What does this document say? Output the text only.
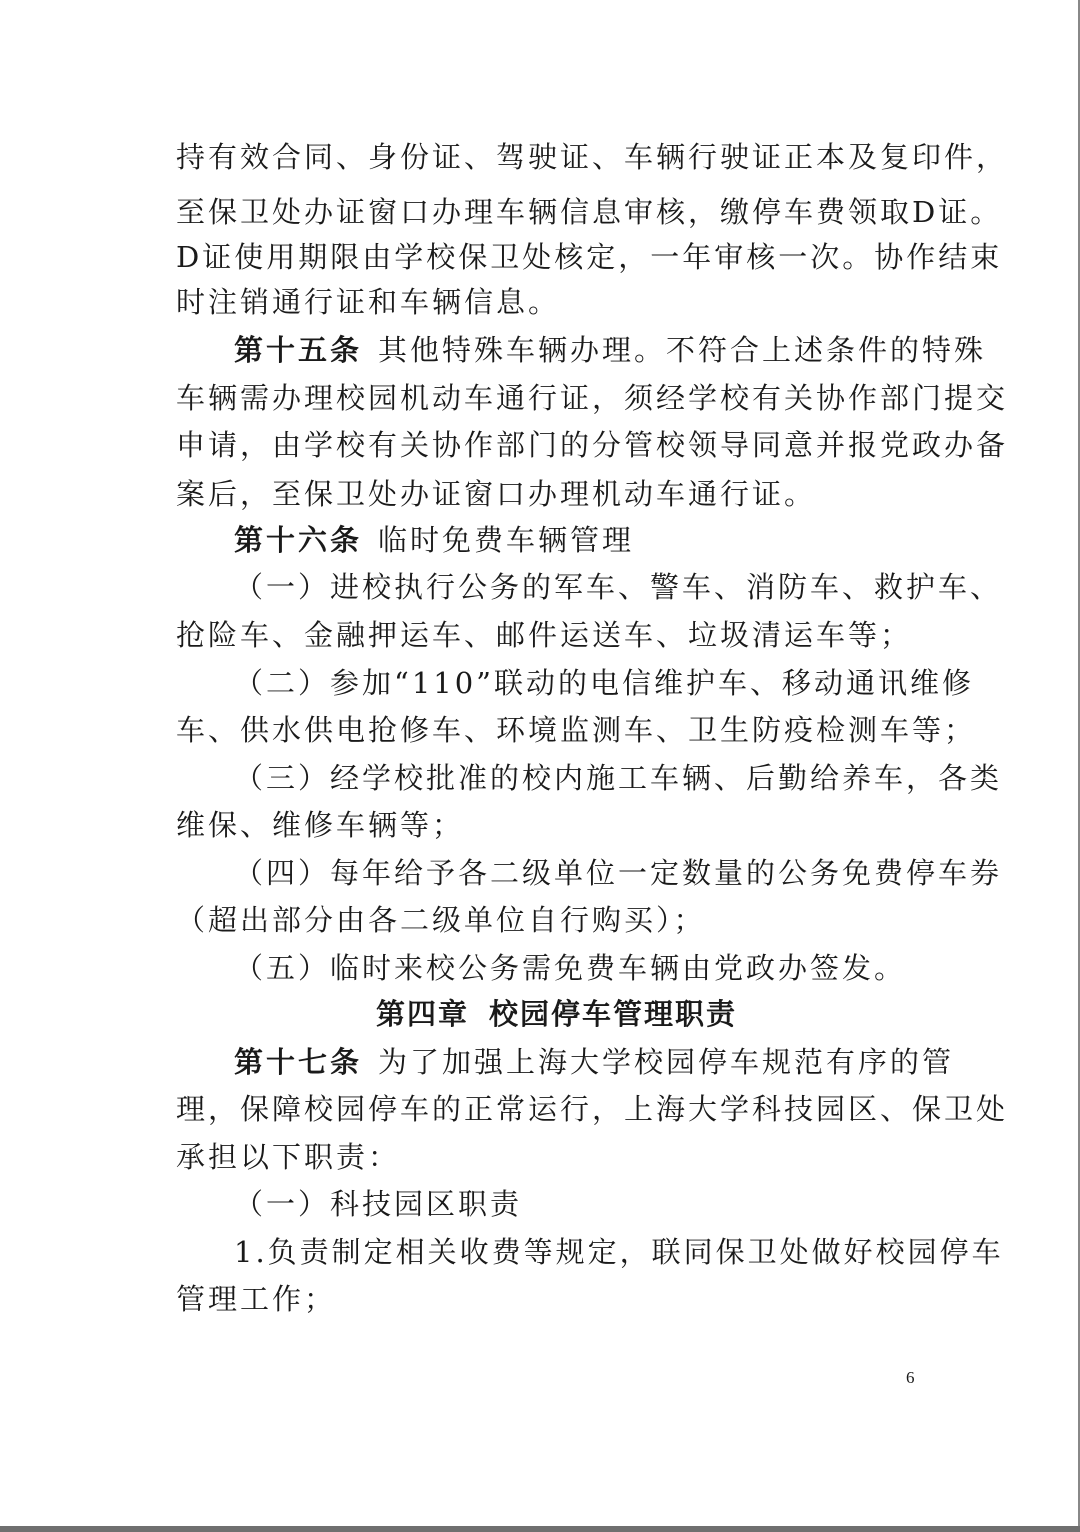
持有效合同、身份证、驾驶证、车辆行驶证正本及复印件，
至保卫处办证窗口办理车辆信息审核，缴停车费领取D证。
D证使用期限由学校保卫处核定，一年审核一次。协作结束
时注销通行证和车辆信息。
第十五条 其他特殊车辆办理。不符合上述条件的特殊
车辆需办理校园机动车通行证，须经学校有关协作部门提交
申请，由学校有关协作部门的分管校领导同意并报党政办备
案后，至保卫处办证窗口办理机动车通行证。
第十六条 临时免费车辆管理
（一）进校执行公务的军车、警车、消防车、救护车、
抢险车、金融押运车、邮件运送车、垃圾清运车等；
（二）参加“110”联动的电信维护车、移动通讯维修
车、供水供电抢修车、环境监测车、卫生防疫检测车等；
（三）经学校批准的校内施工车辆、后勤给养车，各类
维保、维修车辆等；
（四）每年给予各二级单位一定数量的公务免费停车券
（超出部分由各二级单位自行购买）；
（五）临时来校公务需免费车辆由党政办签发。
第四章 校园停车管理职责
第十七条 为了加强上海大学校园停车规范有序的管
理，保障校园停车的正常运行，上海大学科技园区、保卫处
承担以下职责：
（一）科技园区职责
1.负责制定相关收费等规定，联同保卫处做好校园停车
管理工作；
6
